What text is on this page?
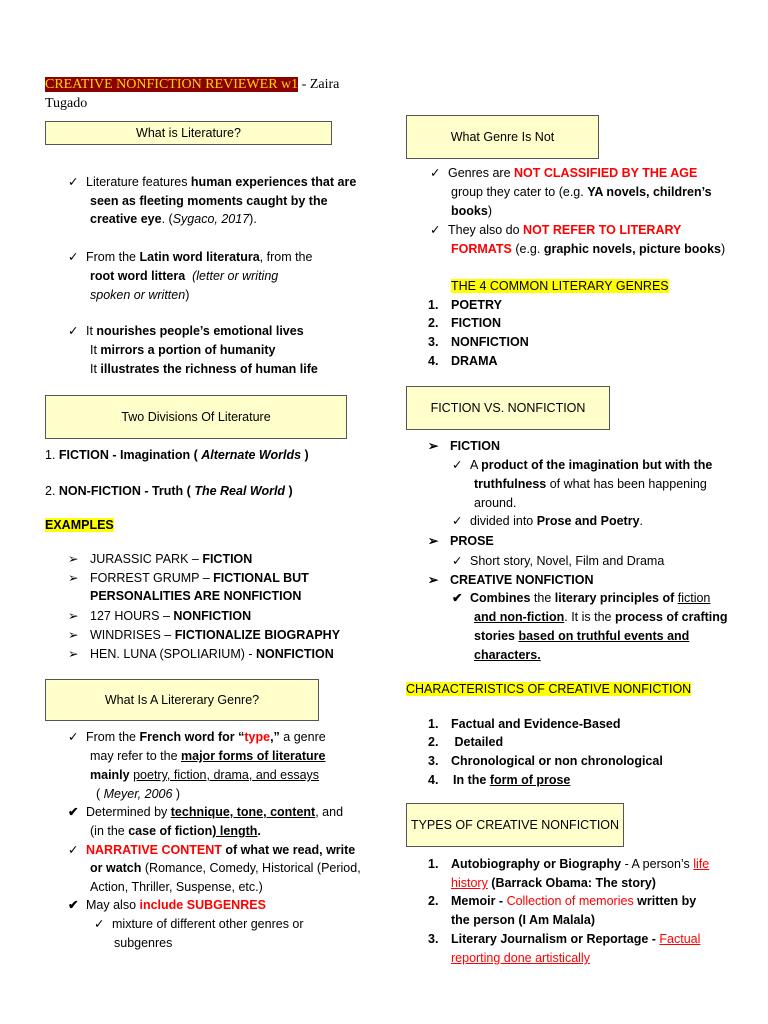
CREATIVE NONFICTION REVIEWER w1 - Zaira
Tugado
What is Literature?
✓ Literature features human experiences that are
seen as fleeting moments caught by the
creative eye. (Sygaco, 2017).
✓ From the Latin word literatura, from the
root word littera (letter or writing
spoken or written)
✓ It nourishes people’s emotional lives
It mirrors a portion of humanity
It illustrates the richness of human life
Two Divisions Of Literature
1. FICTION - Imagination ( Alternate Worlds )
2. NON-FICTION - Truth ( The Real World )
EXAMPLES
➢ JURASSIC PARK – FICTION
➢ FORREST GRUMP – FICTIONAL BUT
PERSONALITIES ARE NONFICTION
➢ 127 HOURS – NONFICTION
➢ WINDRISES – FICTIONALIZE BIOGRAPHY
➢ HEN. LUNA (SPOLIARIUM) - NONFICTION
What Is A Litererary Genre?
✓ From the French word for “type,” a genre
may refer to the major forms of literature
mainly poetry, fiction, drama, and essays
( Meyer, 2006 )
✔ Determined by technique, tone, content, and
(in the case of fiction) length.
✓ NARRATIVE CONTENT of what we read, write
or watch (Romance, Comedy, Historical (Period,
Action, Thriller, Suspense, etc.)
✔ May also include SUBGENRES
✓ mixture of different other genres or
subgenres
What Genre Is Not
✓ Genres are NOT CLASSIFIED BY THE AGE
group they cater to (e.g. YA novels, children’s
books)
✓ They also do NOT REFER TO LITERARY
FORMATS (e.g. graphic novels, picture books)
THE 4 COMMON LITERARY GENRES
1. POETRY
2. FICTION
3. NONFICTION
4. DRAMA
FICTION VS. NONFICTION
➢ FICTION
✓ A product of the imagination but with the
truthfulness of what has been happening
around.
✓ divided into Prose and Poetry.
➢ PROSE
✓ Short story, Novel, Film and Drama
➢ CREATIVE NONFICTION
✔ Combines the literary principles of fiction
and non-fiction. It is the process of crafting
stories based on truthful events and
characters.
CHARACTERISTICS OF CREATIVE NONFICTION
1. Factual and Evidence-Based
2. Detailed
3. Chronological or non chronological
4. In the form of prose
TYPES OF CREATIVE NONFICTION
1. Autobiography or Biography - A person’s life
history (Barrack Obama: The story)
2. Memoir - Collection of memories written by
the person (I Am Malala)
3. Literary Journalism or Reportage - Factual
reporting done artistically
